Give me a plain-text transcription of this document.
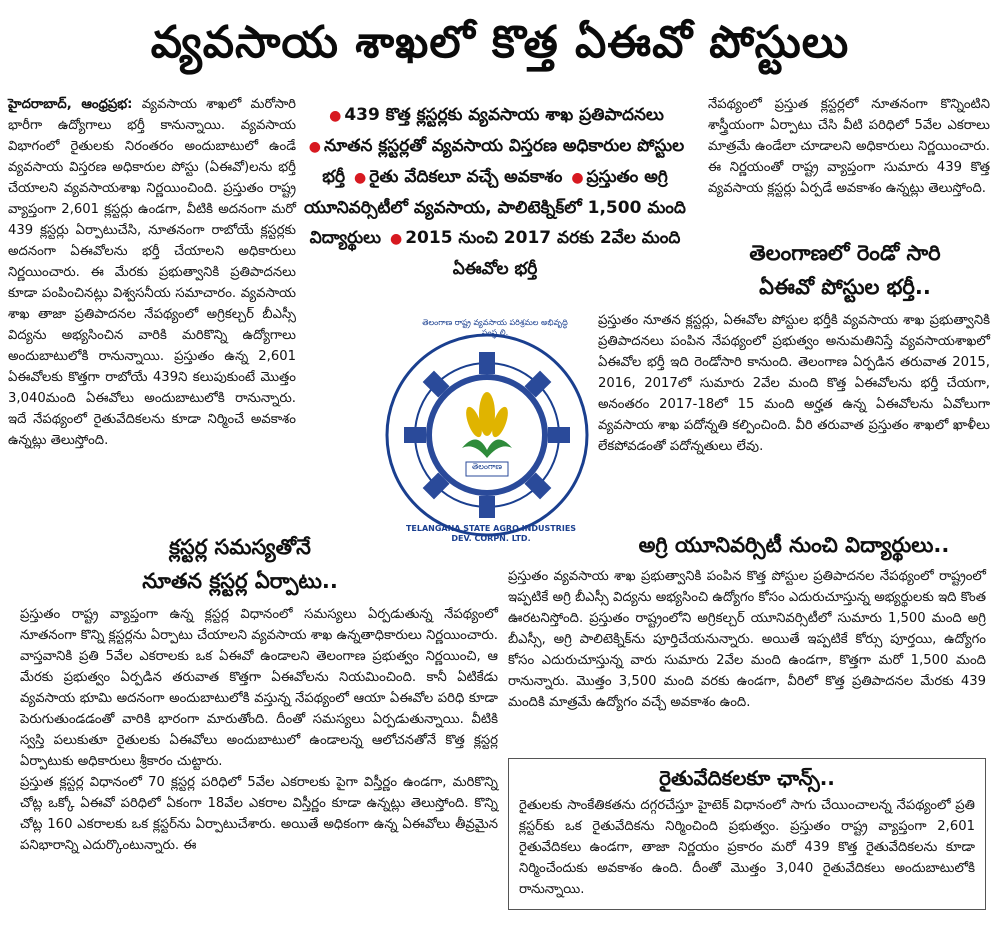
వ్యవసాయ శాఖలో కొత్త ఏఈవో పోస్టులు

హైదరాబాద్, ఆంధ్రప్రభ: వ్యవసాయ శాఖలో మరోసారి భారీగా ఉద్యోగాలు భర్తీ కానున్నాయి. వ్యవసాయ విభాగంలో రైతులకు నిరంతరం అందుబాటులో ఉండే వ్యవసాయ విస్తరణ అధికారుల పోస్టు (ఏఈవో)లను భర్తీ చేయాలని వ్యవసాయశాఖ నిర్ణయించింది. ప్రస్తుతం రాష్ట్ర వ్యాప్తంగా 2,601 క్లస్టర్లు ఉండగా, వీటికి అదనంగా మరో 439 క్లస్టర్లు ఏర్పాటుచేసి, నూతనంగా రాబోయే క్లస్టర్లకు అదనంగా ఏఈవోలను భర్తీ చేయాలని అధికారులు నిర్ణయించారు. ఈ మేరకు ప్రభుత్వానికి ప్రతిపాదనలు కూడా పంపించినట్లు విశ్వసనీయ సమాచారం. వ్యవసాయ శాఖ తాజా ప్రతిపాదనల నేపథ్యంలో అగ్రికల్చర్ బీఎస్సీ విద్యను అభ్యసించిన వారికి మరికొన్ని ఉద్యోగాలు అందుబాటులోకి రానున్నాయి. ప్రస్తుతం ఉన్న 2,601 ఏఈవోలకు కొత్తగా రాబోయే 439ని కలుపుకుంటే మొత్తం 3,040మంది ఏఈవోలు అందుబాటులోకి రానున్నారు. ఇదే నేపథ్యంలో రైతువేదికలను కూడా నిర్మించే అవకాశం ఉన్నట్లు తెలుస్తోంది.

● 439 కొత్త క్లస్టర్లకు వ్యవసాయ శాఖ ప్రతిపాదనలు ● నూతన క్లస్టర్లతో వ్యవసాయ విస్తరణ అధికారుల పోస్టుల భర్తీ ● రైతు వేదికలూ వచ్చే అవకాశం ● ప్రస్తుతం అగ్రి యూనివర్సిటీలో వ్యవసాయ, పాలిటెక్నిక్‌లో 1,500 మంది విద్యార్థులు ● 2015 నుంచి 2017 వరకు 2వేల మంది ఏఈవోల భర్తీ

నేపథ్యంలో ప్రస్తుత క్లస్టర్లలో నూతనంగా కొన్నింటిని శాస్త్రీయంగా ఏర్పాటు చేసి వీటి పరిధిలో 5వేల ఎకరాలు మాత్రమే ఉండేలా చూడాలని అధికారులు నిర్ణయించారు. ఈ నిర్ణయంతో రాష్ట్ర వ్యాప్తంగా సుమారు 439 కొత్త వ్యవసాయ క్లస్టర్లు ఏర్పడే అవకాశం ఉన్నట్లు తెలుస్తోంది.

తెలంగాణలో రెండో సారి
ఏఈవో పోస్టుల భర్తీ..

ప్రస్తుతం నూతన క్లస్టర్లు, ఏఈవోల పోస్టుల భర్తీకి వ్యవసాయ శాఖ ప్రభుత్వానికి ప్రతిపాదనలు పంపిన నేపథ్యంలో ప్రభుత్వం అనుమతినిస్తే వ్యవసాయశాఖలో ఏఈవోల భర్తీ ఇది రెండోసారి కానుంది. తెలంగాణ ఏర్పడిన తరువాత 2015, 2016, 2017లో సుమారు 2వేల మంది కొత్త ఏఈవోలను భర్తీ చేయగా, అనంతరం 2017-18లో 15 మంది అర్హత ఉన్న ఏఈవోలను ఏవోలుగా వ్యవసాయ శాఖ పదోన్నతి కల్పించింది. వీరి తరువాత ప్రస్తుతం శాఖలో ఖాళీలు లేకపోవడంతో పదోన్నతులు లేవు.

TELANGANA STATE AGRO INDUSTRIES DEV. CORPN. LTD.
తెలంగాణ రాష్ట్ర వ్యవసాయ పరిశ్రమల అభివృద్ధి సంస్థ లి.
తెలంగాణ
క్లస్టర్ల సమస్యతోనే
నూతన క్లస్టర్ల ఏర్పాటు..

ప్రస్తుతం రాష్ట్ర వ్యాప్తంగా ఉన్న క్లస్టర్ల విధానంలో సమస్యలు ఏర్పడుతున్న నేపథ్యంలో నూతనంగా కొన్ని క్లస్టర్లను ఏర్పాటు చేయాలని వ్యవసాయ శాఖ ఉన్నతాధికారులు నిర్ణయించారు. వాస్తవానికి ప్రతి 5వేల ఎకరాలకు ఒక ఏఈవో ఉండాలని తెలంగాణ ప్రభుత్వం నిర్ణయించి, ఆ మేరకు ప్రభుత్వం ఏర్పడిన తరువాత కొత్తగా ఏఈవోలను నియమించింది. కానీ ఏటికేడు వ్యవసాయ భూమి అదనంగా అందుబాటులోకి వస్తున్న నేపథ్యంలో ఆయా ఏఈవోల పరిధి కూడా పెరుగుతుండడంతో వారికి భారంగా మారుతోంది. దీంతో సమస్యలు ఏర్పడుతున్నాయి. వీటికి స్వస్తి పలుకుతూ రైతులకు ఏఈవోలు అందుబాటులో ఉండాలన్న ఆలోచనతోనే కొత్త క్లస్టర్ల ఏర్పాటుకు అధికారులు శ్రీకారం చుట్టారు.

ప్రస్తుత క్లస్టర్ల విధానంలో 70 క్లస్టర్ల పరిధిలో 5వేల ఎకరాలకు పైగా విస్తీర్ణం ఉండగా, మరికొన్ని చోట్ల ఒక్కో ఏఈవో పరిధిలో ఏకంగా 18వేల ఎకరాల విస్తీర్ణం కూడా ఉన్నట్లు తెలుస్తోంది. కొన్ని చోట్ల 160 ఎకరాలకు ఒక క్లస్టర్‌ను ఏర్పాటుచేశారు. అయితే అధికంగా ఉన్న ఏఈవోలు తీవ్రమైన పనిభారాన్ని ఎదుర్కొంటున్నారు. ఈ

అగ్రి యూనివర్సిటీ నుంచి విద్యార్థులు..

ప్రస్తుతం వ్యవసాయ శాఖ ప్రభుత్వానికి పంపిన కొత్త పోస్టుల ప్రతిపాదనల నేపథ్యంలో రాష్ట్రంలో ఇప్పటికే అగ్రి బీఎస్సీ విద్యను అభ్యసించి ఉద్యోగం కోసం ఎదురుచూస్తున్న అభ్యర్థులకు ఇది కొంత ఊరటనిస్తోంది. ప్రస్తుతం రాష్ట్రంలోని అగ్రికల్చర్ యూనివర్సిటీలో సుమారు 1,500 మంది అగ్రి బీఎస్సీ, అగ్రి పాలిటెక్నిక్‌ను పూర్తిచేయనున్నారు. అయితే ఇప్పటికే కోర్సు పూర్తయి, ఉద్యోగం కోసం ఎదురుచూస్తున్న వారు సుమారు 2వేల మంది ఉండగా, కొత్తగా మరో 1,500 మంది రానున్నారు. మొత్తం 3,500 మంది వరకు ఉండగా, వీరిలో కొత్త ప్రతిపాదనల మేరకు 439 మందికి మాత్రమే ఉద్యోగం వచ్చే అవకాశం ఉంది.

రైతువేదికలకూ ఛాన్స్..
రైతులకు సాంకేతికతను దగ్గరచేస్తూ హైటెక్ విధానంలో సాగు చేయించాలన్న నేపథ్యంలో ప్రతి క్లస్టర్‌కు ఒక రైతువేదికను నిర్మించింది ప్రభుత్వం. ప్రస్తుతం రాష్ట్ర వ్యాప్తంగా 2,601 రైతువేదికలు ఉండగా, తాజా నిర్ణయం ప్రకారం మరో 439 కొత్త రైతువేదికలను కూడా నిర్మించేందుకు అవకాశం ఉంది. దీంతో మొత్తం 3,040 రైతువేదికలు అందుబాటులోకి రానున్నాయి.
